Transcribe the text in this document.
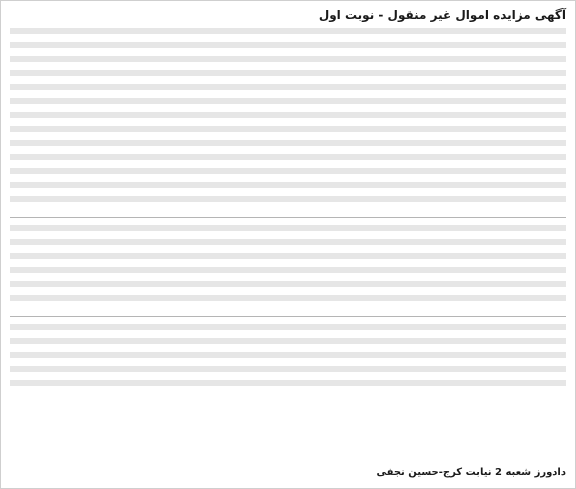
آگهی مزایده اموال غیر منقول - نوبت اول

دادورز شعبه 2 نیابت کرج-حسین نجفی
